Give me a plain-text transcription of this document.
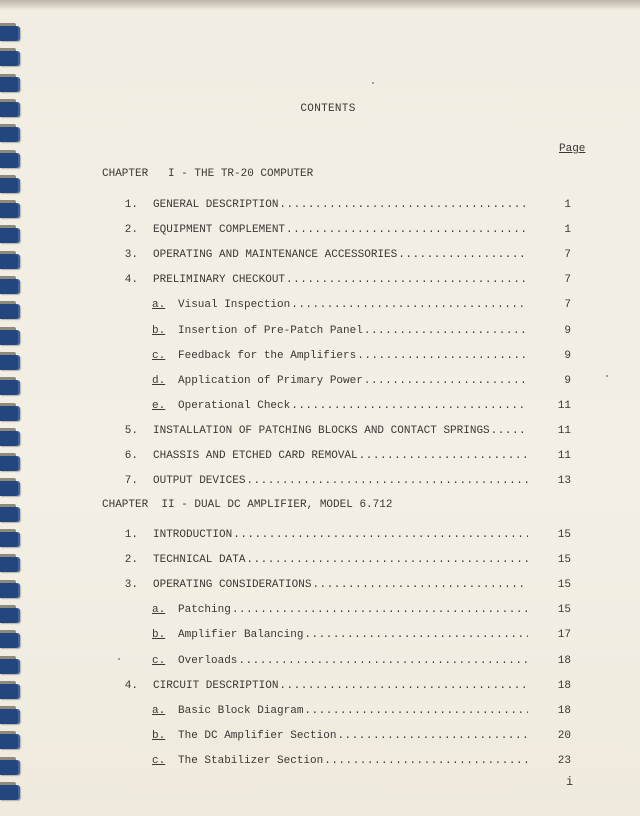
CONTENTS
Page
CHAPTER   I - THE TR-20 COMPUTER
1. GENERAL DESCRIPTION .....	1
2. EQUIPMENT COMPLEMENT .....	1
3. OPERATING AND MAINTENANCE ACCESSORIES .....	7
4. PRELIMINARY CHECKOUT .....	7
a. Visual Inspection .....	7
b. Insertion of Pre-Patch Panel .....	9
c. Feedback for the Amplifiers .....	9
d. Application of Primary Power .....	9
e. Operational Check .....	11
5. INSTALLATION OF PATCHING BLOCKS AND CONTACT SPRINGS .....	11
6. CHASSIS AND ETCHED CARD REMOVAL .....	11
7. OUTPUT DEVICES .....	13
CHAPTER  II - DUAL DC AMPLIFIER, MODEL 6.712
1. INTRODUCTION .....	15
2. TECHNICAL DATA .....	15
3. OPERATING CONSIDERATIONS .....	15
a. Patching .....	15
b. Amplifier Balancing .....	17
c. Overloads .....	18
4. CIRCUIT DESCRIPTION .....	18
a. Basic Block Diagram .....	18
b. The DC Amplifier Section .....	20
c. The Stabilizer Section .....	23
i
